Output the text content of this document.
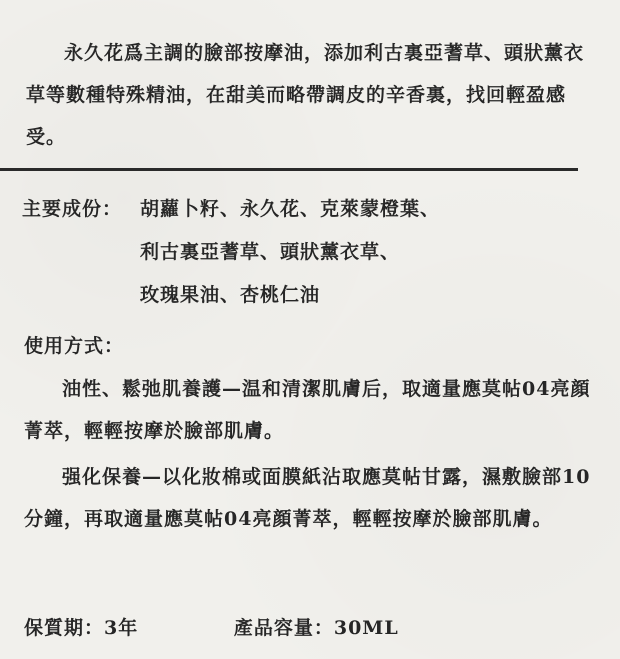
永久花爲主調的臉部按摩油，添加利古裏亞蓍草、頭狀薰衣草等數種特殊精油，在甜美而略帶調皮的辛香裏，找回輕盈感受。

主要成份： 胡蘿卜籽、永久花、克萊蒙橙葉、
利古裏亞蓍草、頭狀薰衣草、
玫瑰果油、杏桃仁油
使用方式：

油性、鬆弛肌養護—温和清潔肌膚后，取適量應莫帖04亮顔菁萃，輕輕按摩於臉部肌膚。

强化保養—以化妝棉或面膜紙沾取應莫帖甘露，濕敷臉部10分鐘，再取適量應莫帖04亮顔菁萃，輕輕按摩於臉部肌膚。

保質期：3年	產品容量：30ML
